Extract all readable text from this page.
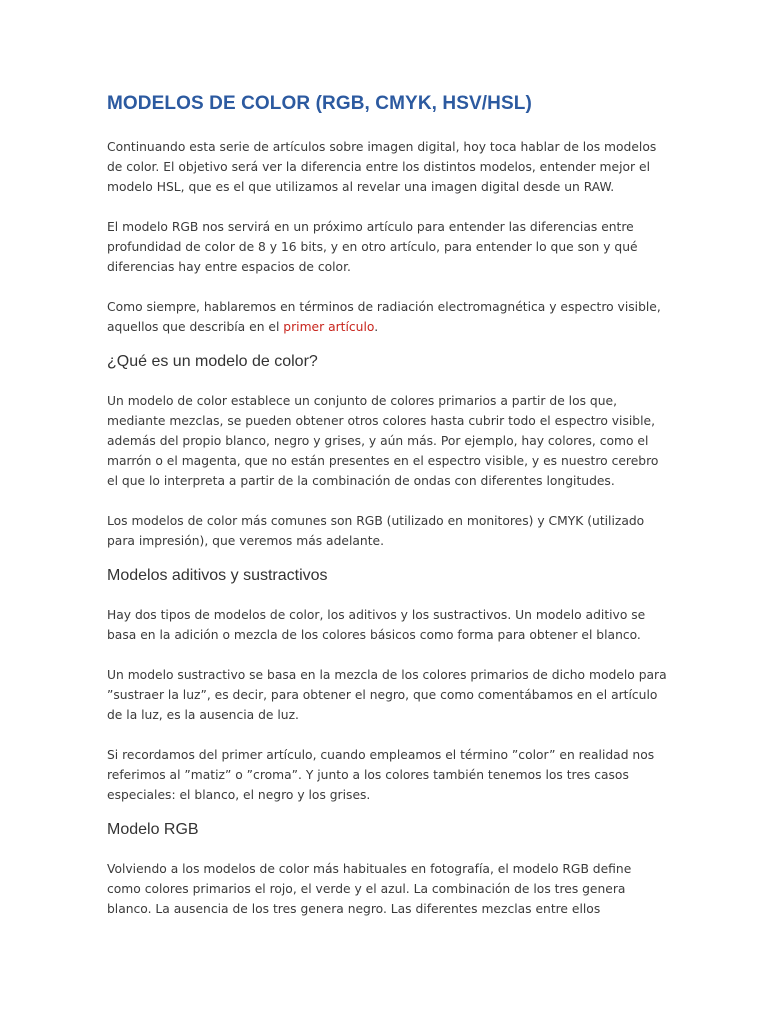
MODELOS DE COLOR (RGB, CMYK, HSV/HSL)

Continuando esta serie de artículos sobre imagen digital, hoy toca hablar de los modelos de color. El objetivo será ver la diferencia entre los distintos modelos, entender mejor el modelo HSL, que es el que utilizamos al revelar una imagen digital desde un RAW.

El modelo RGB nos servirá en un próximo artículo para entender las diferencias entre profundidad de color de 8 y 16 bits, y en otro artículo, para entender lo que son y qué diferencias hay entre espacios de color.

Como siempre, hablaremos en términos de radiación electromagnética y espectro visible, aquellos que describía en el primer artículo.

¿Qué es un modelo de color?

Un modelo de color establece un conjunto de colores primarios a partir de los que, mediante mezclas, se pueden obtener otros colores hasta cubrir todo el espectro visible, además del propio blanco, negro y grises, y aún más. Por ejemplo, hay colores, como el marrón o el magenta, que no están presentes en el espectro visible, y es nuestro cerebro el que lo interpreta a partir de la combinación de ondas con diferentes longitudes.

Los modelos de color más comunes son RGB (utilizado en monitores) y CMYK (utilizado para impresión), que veremos más adelante.

Modelos aditivos y sustractivos

Hay dos tipos de modelos de color, los aditivos y los sustractivos. Un modelo aditivo se basa en la adición o mezcla de los colores básicos como forma para obtener el blanco.

Un modelo sustractivo se basa en la mezcla de los colores primarios de dicho modelo para ”sustraer la luz”, es decir, para obtener el negro, que como comentábamos en el artículo de la luz, es la ausencia de luz.

Si recordamos del primer artículo, cuando empleamos el término ”color” en realidad nos referimos al ”matiz” o ”croma”. Y junto a los colores también tenemos los tres casos especiales: el blanco, el negro y los grises.

Modelo RGB

Volviendo a los modelos de color más habituales en fotografía, el modelo RGB define como colores primarios el rojo, el verde y el azul. La combinación de los tres genera blanco. La ausencia de los tres genera negro. Las diferentes mezclas entre ellos
